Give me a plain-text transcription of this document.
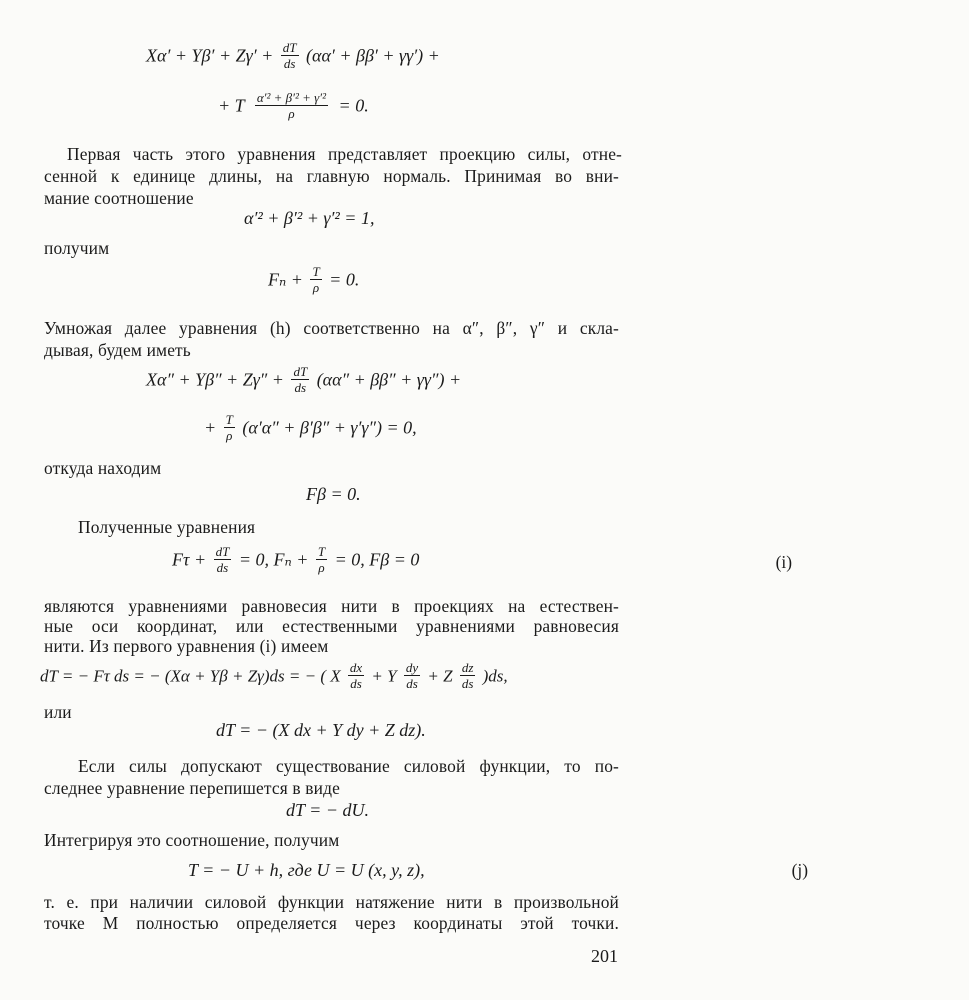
$X\alpha' + Y\beta' + Z\gamma' + \frac{dT}{ds} (\alpha\alpha' + \beta\beta' + \gamma\gamma')$ +
+ T $\frac{\text{α′² + β′² + γ′²}}{\rho} = 0$.
Первая часть этого уравнения представляет проекцию силы, отне-
сенной к единице длины, на главную нормаль. Принимая во вни-
мание соотношение
α′² + β′² + γ′² = 1,
получим
$F_n + \frac{T}{\rho} = 0$.
Умножая далее уравнения (h) соответственно на α″, β″, γ″ и скла-
дывая, будем иметь
$X\alpha'' + Y\beta'' + Z\gamma'' + \frac{dT}{ds} (\alpha\alpha'' + \beta\beta'' + \gamma\gamma'')$ +
+ $\frac{T}{\rho} (\alpha'\alpha'' + \beta'\beta'' + \gamma'\gamma'') = 0$,
откуда находим
Fβ = 0.
Полученные уравнения
$F\tau + \frac{dT}{ds} = 0$, $F_n + \frac{T}{\rho} = 0$, Fβ = 0	(i)
являются уравнениями равновесия нити в проекциях на естествен-
ные оси координат, или естественными уравнениями равновесия
нити. Из первого уравнения (i) имеем
dT = − Fτ ds = − (Xα + Yβ + Zγ)ds = − ( X $\frac{dx}{ds} + Y \frac{dy}{ds} + Z \frac{dz}{ds} )ds$,
или
dT = − (X dx + Y dy + Z dz).
Если силы допускают существование силовой функции, то по-
следнее уравнение перепишется в виде
dT = − dU.
Интегрируя это соотношение, получим
T = − U + h, где U = U (x, y, z),	(j)
т. е. при наличии силовой функции натяжение нити в произвольной
точке M полностью определяется через координаты этой точки.
201
